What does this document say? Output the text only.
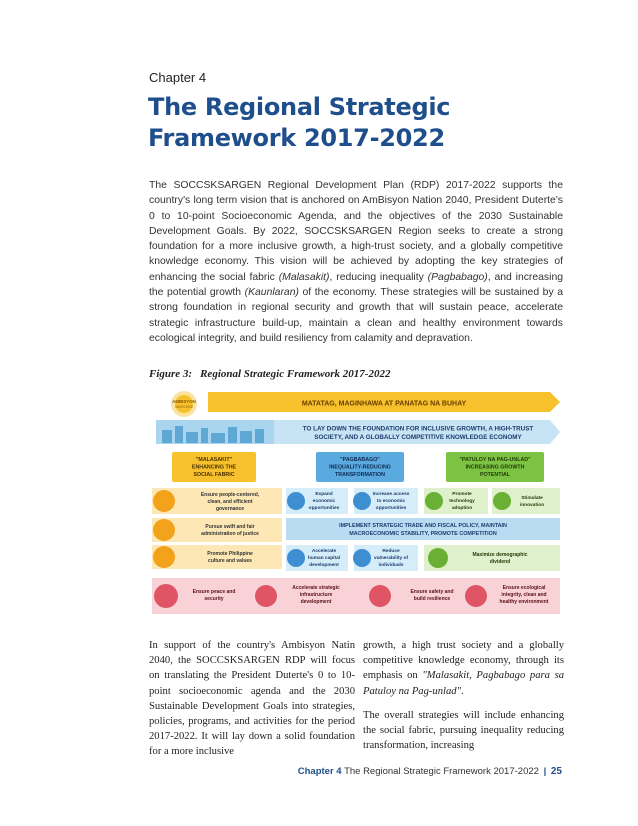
Chapter 4
The Regional Strategic
Framework 2017-2022
The SOCCSKSARGEN Regional Development Plan (RDP) 2017-2022 supports the country's long term vision that is anchored on AmBisyon Nation 2040, President Duterte's 0 to 10-point Socioeconomic Agenda, and the objectives of the 2030 Sustainable Development Goals. By 2022, SOCCSKSARGEN Region seeks to create a strong foundation for a more inclusive growth, a high-trust society, and a globally competitive knowledge economy. This vision will be achieved by adopting the key strategies of enhancing the social fabric (Malasakit), reducing inequality (Pagbabago), and increasing the potential growth (Kaunlaran) of the economy. These strategies will be sustained by a strong foundation in regional security and growth that will sustain peace, accelerate strategic infrastructure build-up, maintain a clean and healthy environment towards ecological integrity, and build resiliency from calamity and depravation.
Figure 3: Regional Strategic Framework 2017-2022
MATATAG, MAGINHAWA AT PANATAG NA BUHAY
AMBISYON
NATIN 2040
TO LAY DOWN THE FOUNDATION FOR INCLUSIVE GROWTH, A HIGH-TRUST
SOCIETY, AND A GLOBALLY COMPETITIVE KNOWLEDGE ECONOMY
"MALASAKIT"
ENHANCING THE
SOCIAL FABRIC
"PAGBABAGO"
INEQUALITY-REDUCING
TRANSFORMATION
"PATULOY NA PAG-UNLAD"
INCREASING GROWTH
POTENTIAL
Ensure people-centered,
clean, and efficient
governance
Pursue swift and fair
administration of justice
Promote Philippine
culture and values
Expand
economic
opportunities
Increase access
to economic
opportunities
Promote
technology
adoption
Stimulate
innovation
IMPLEMENT STRATEGIC TRADE AND FISCAL POLICY, MAINTAIN
MACROECONOMIC STABILITY, PROMOTE COMPETITION
Accelerate
human capital
development
Reduce
vulnerability of
individuals
Maximize demographic
dividend
Ensure peace and
security
Accelerate strategic
infrastructure
development
Ensure safety and
build resilience
Ensure ecological
integrity, clean and
healthy environment

In support of the country's Ambisyon Natin 2040, the SOCCSKSARGEN RDP will focus on translating the President Duterte's 0 to 10-point socioeconomic agenda and the 2030 Sustainable Development Goals into strategies, policies, programs, and activities for the period 2017-2022. It will lay down a solid foundation for a more inclusive

growth, a high trust society and a globally competitive knowledge economy, through its emphasis on "Malasakit, Pagbabago para sa Patuloy na Pag-unlad".

The overall strategies will include enhancing the social fabric, pursuing inequality reducing transformation, increasing

Chapter 4 The Regional Strategic Framework 2017-2022 | 25
